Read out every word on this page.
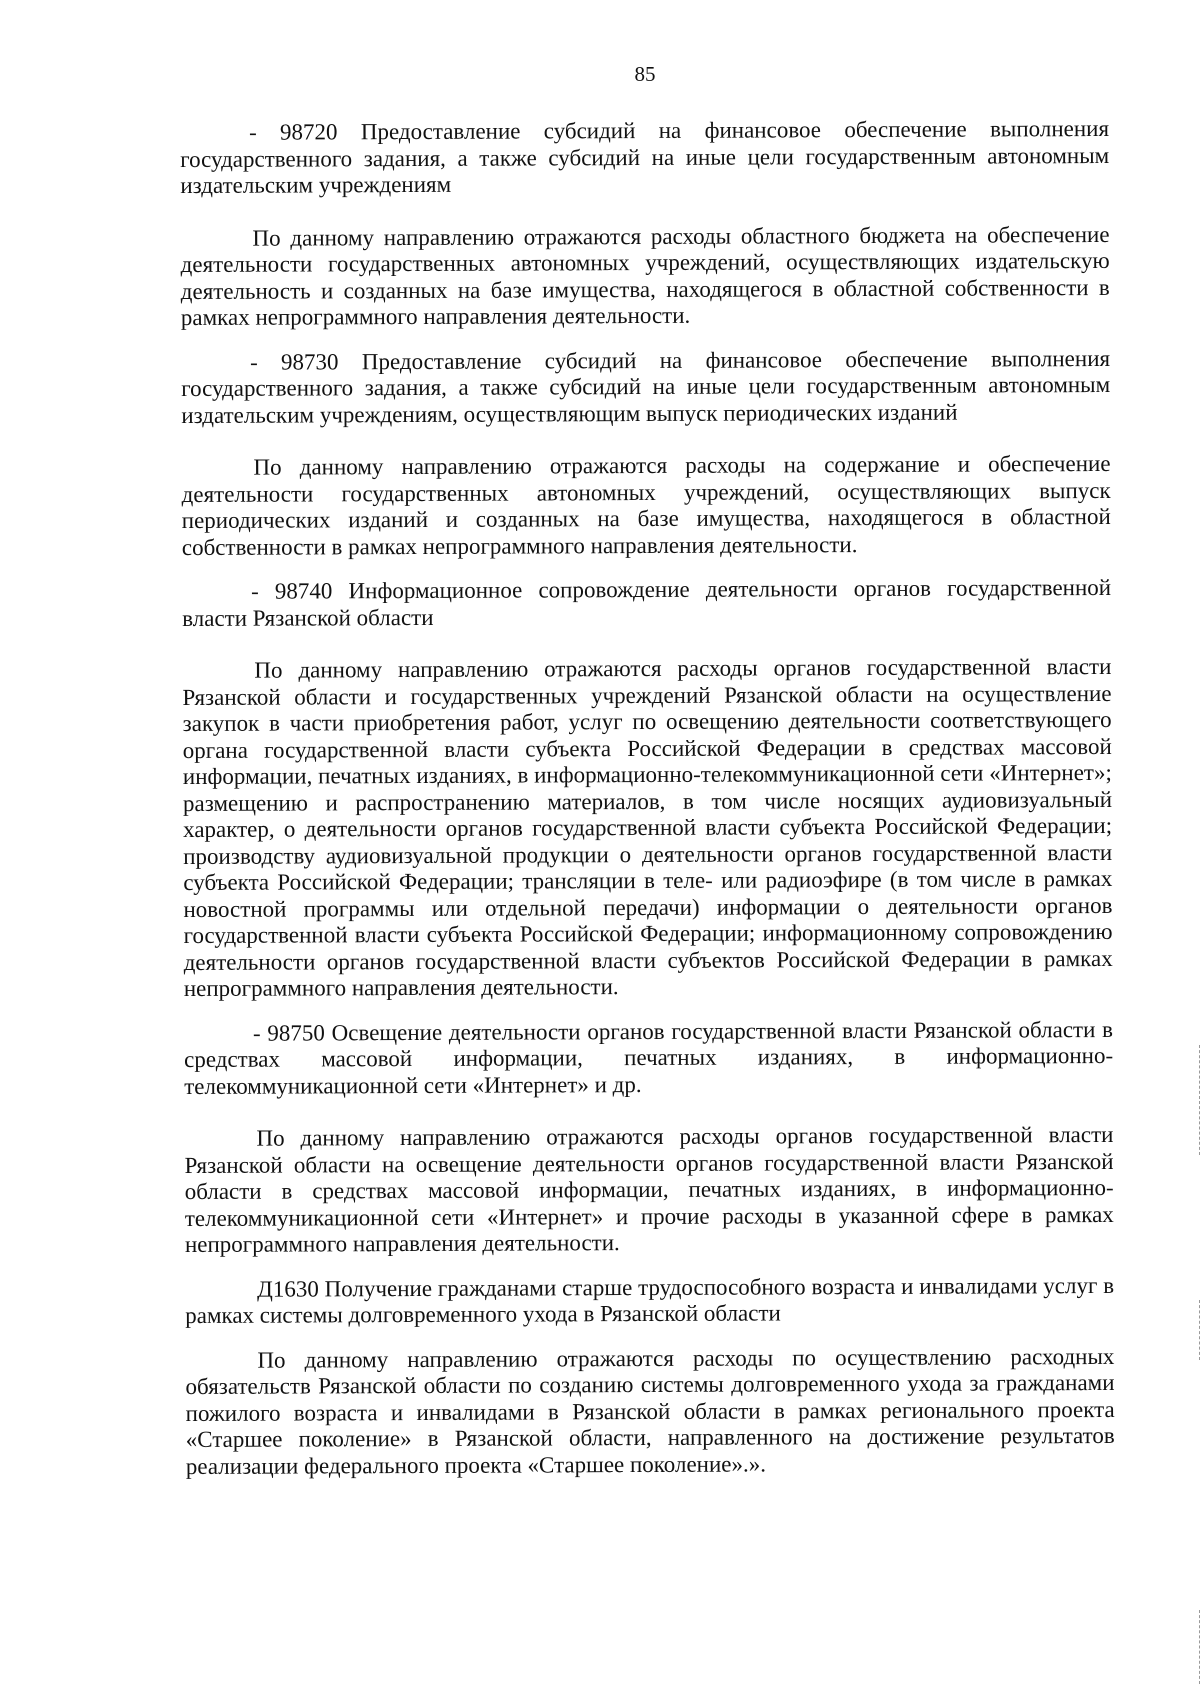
85

- 98720 Предоставление субсидий на финансовое обеспечение выполнения государственного задания, а также субсидий на иные цели государственным автономным издательским учреждениям

По данному направлению отражаются расходы областного бюджета на обеспечение деятельности государственных автономных учреждений, осуществляющих издательскую деятельность и созданных на базе имущества, находящегося в областной собственности в рамках непрограммного направления деятельности.

- 98730 Предоставление субсидий на финансовое обеспечение выполнения государственного задания, а также субсидий на иные цели государственным автономным издательским учреждениям, осуществляющим выпуск периодических изданий

По данному направлению отражаются расходы на содержание и обеспечение деятельности государственных автономных учреждений, осуществляющих выпуск периодических изданий и созданных на базе имущества, находящегося в областной собственности в рамках непрограммного направления деятельности.

- 98740 Информационное сопровождение деятельности органов государственной власти Рязанской области

По данному направлению отражаются расходы органов государственной власти Рязанской области и государственных учреждений Рязанской области на осуществление закупок в части приобретения работ, услуг по освещению деятельности соответствующего органа государственной власти субъекта Российской Федерации в средствах массовой информации, печатных изданиях, в информационно-телекоммуникационной сети «Интернет»; размещению и распространению материалов, в том числе носящих аудиовизуальный характер, о деятельности органов государственной власти субъекта Российской Федерации; производству аудиовизуальной продукции о деятельности органов государственной власти субъекта Российской Федерации; трансляции в теле- или радиоэфире (в том числе в рамках новостной программы или отдельной передачи) информации о деятельности органов государственной власти субъекта Российской Федерации; информационному сопровождению деятельности органов государственной власти субъектов Российской Федерации в рамках непрограммного направления деятельности.

- 98750 Освещение деятельности органов государственной власти Рязанской области в средствах массовой информации, печатных изданиях, в информационно-телекоммуникационной сети «Интернет» и др.

По данному направлению отражаются расходы органов государственной власти Рязанской области на освещение деятельности органов государственной власти Рязанской области в средствах массовой информации, печатных изданиях, в информационно-телекоммуникационной сети «Интернет» и прочие расходы в указанной сфере в рамках непрограммного направления деятельности.

Д1630 Получение гражданами старше трудоспособного возраста и инвалидами услуг в рамках системы долговременного ухода в Рязанской области

По данному направлению отражаются расходы по осуществлению расходных обязательств Рязанской области по созданию системы долговременного ухода за гражданами пожилого возраста и инвалидами в Рязанской области в рамках регионального проекта «Старшее поколение» в Рязанской области, направленного на достижение результатов реализации федерального проекта «Старшее поколение».».
